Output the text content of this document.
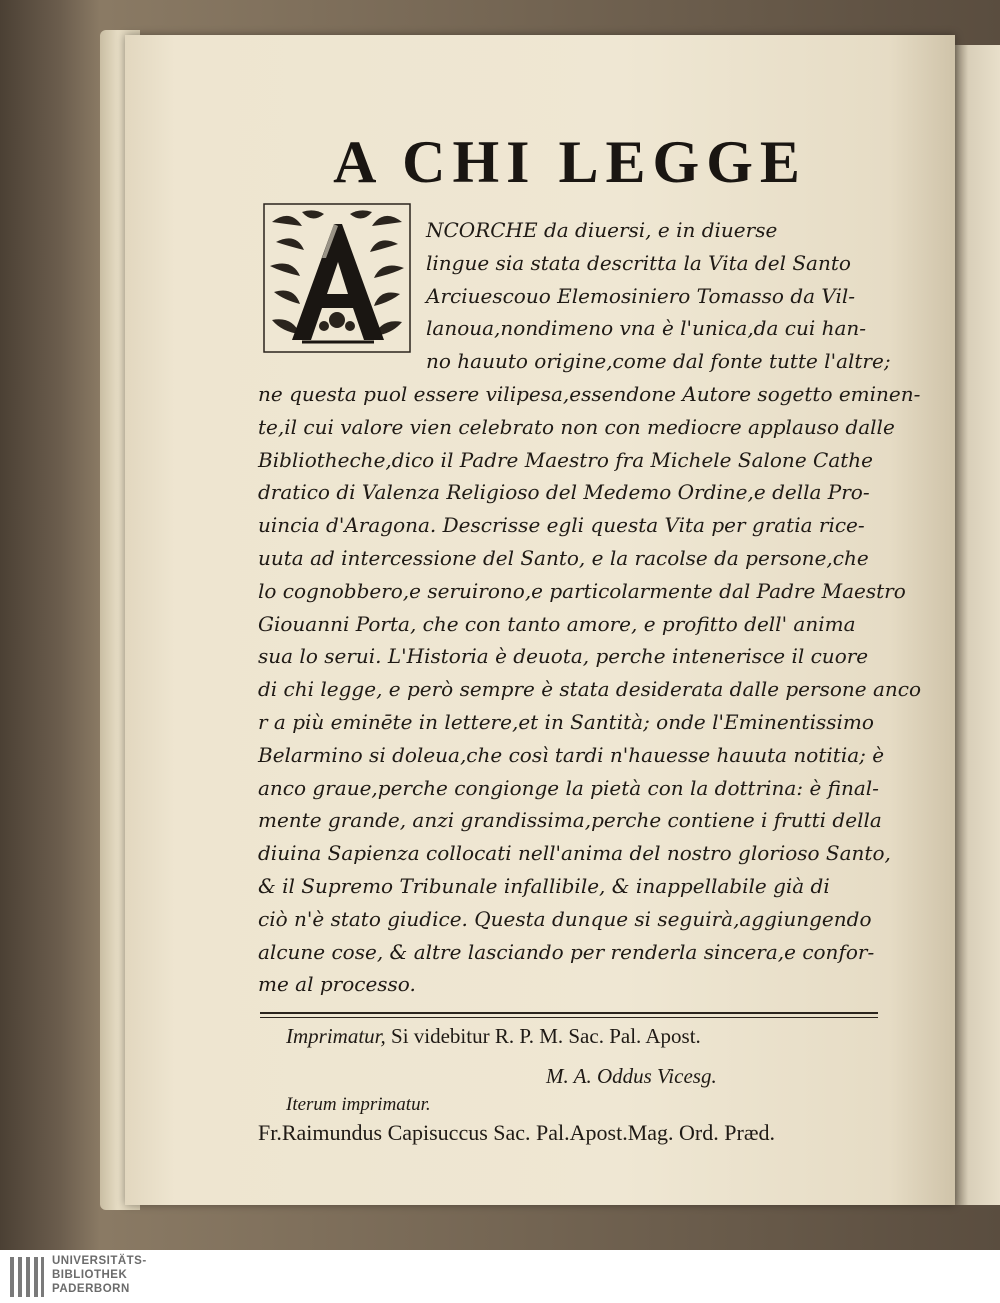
A CHI LEGGE
NCORCHE da diuersi, e in diuerse
lingue sia stata descritta la Vita del Santo
Arciuescouo Elemosiniero Tomasso da Vil-
lanoua,nondimeno vna è l'unica,da cui han-
no hauuto origine,come dal fonte tutte l'altre;
ne questa puol essere vilipesa,essendone Autore sogetto eminen-
te,il cui valore vien celebrato non con mediocre applauso dalle
Bibliotheche,dico il Padre Maestro fra Michele Salone Cathe
dratico di Valenza Religioso del Medemo Ordine,e della Pro-
uincia d'Aragona. Descrisse egli questa Vita per gratia rice-
uuta ad intercessione del Santo, e la racolse da persone,che
lo cognobbero,e seruirono,e particolarmente dal Padre Maestro
Giouanni Porta, che con tanto amore, e profitto dell' anima
sua lo serui. L'Historia è deuota, perche intenerisce il cuore
di chi legge, e però sempre è stata desiderata dalle persone anco
r a più eminēte in lettere,et in Santità; onde l'Eminentissimo
Belarmino si doleua,che così tardi n'hauesse hauuta notitia; è
anco graue,perche congionge la pietà con la dottrina: è final-
mente grande, anzi grandissima,perche contiene i frutti della
diuina Sapienza collocati nell'anima del nostro glorioso Santo,
& il Supremo Tribunale infallibile, & inappellabile già di
ciò n'è stato giudice. Questa dunque si seguirà,aggiungendo
alcune cose, & altre lasciando per renderla sincera,e confor-
me al processo.
Imprimatur, Si videbitur R. P. M. Sac. Pal. Apost.
M. A. Oddus Vicesg.
Iterum imprimatur.
Fr.Raimundus Capisuccus Sac. Pal.Apost.Mag. Ord. Præd.
UNIVERSITÄTS-
BIBLIOTHEK
PADERBORN
